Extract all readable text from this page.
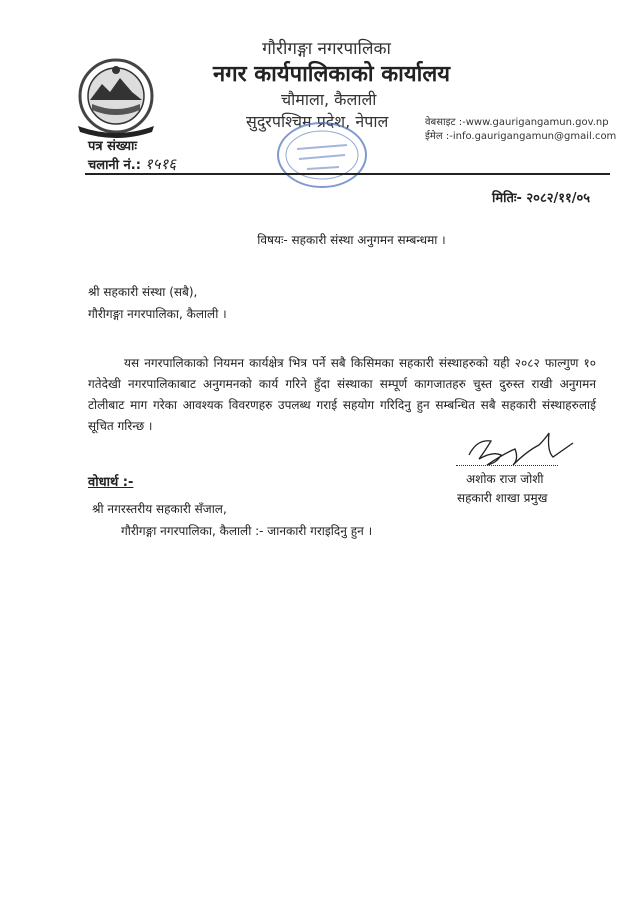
गौरीगङ्गा नगरपालिका
नगर कार्यपालिकाको कार्यालय
चौमाला, कैलाली
सुदुरपश्चिम प्रदेश, नेपाल	वेबसाइट :-www.gaurigangamun.gov.np
ईमेल :-info.gaurigangamun@gmail.com
पत्र संख्याः
चलानी नं.: १५१६
मितिः- २०८२/११/०५
विषयः- सहकारी संस्था अनुगमन सम्बन्धमा ।
श्री सहकारी संस्था (सबै),
गौरीगङ्गा नगरपालिका, कैलाली ।
यस नगरपालिकाको नियमन कार्यक्षेत्र भित्र पर्ने सबै किसिमका सहकारी संस्थाहरुको यही २०८२ फाल्गुण १० गतेदेखी नगरपालिकाबाट अनुगमनको कार्य गरिने हुँदा संस्थाका सम्पूर्ण कागजातहरु चुस्त दुरुस्त राखी अनुगमन टोलीबाट माग गरेका आवश्यक विवरणहरु उपलब्ध गराई सहयोग गरिदिनु हुन सम्बन्धित सबै सहकारी संस्थाहरुलाई सूचित गरिन्छ ।
अशोक राज जोशी
सहकारी शाखा प्रमुख
वोधार्थ :-
श्री नगरस्तरीय सहकारी सँजाल,
गौरीगङ्गा नगरपालिका, कैलाली :- जानकारी गराइदिनु हुन ।
